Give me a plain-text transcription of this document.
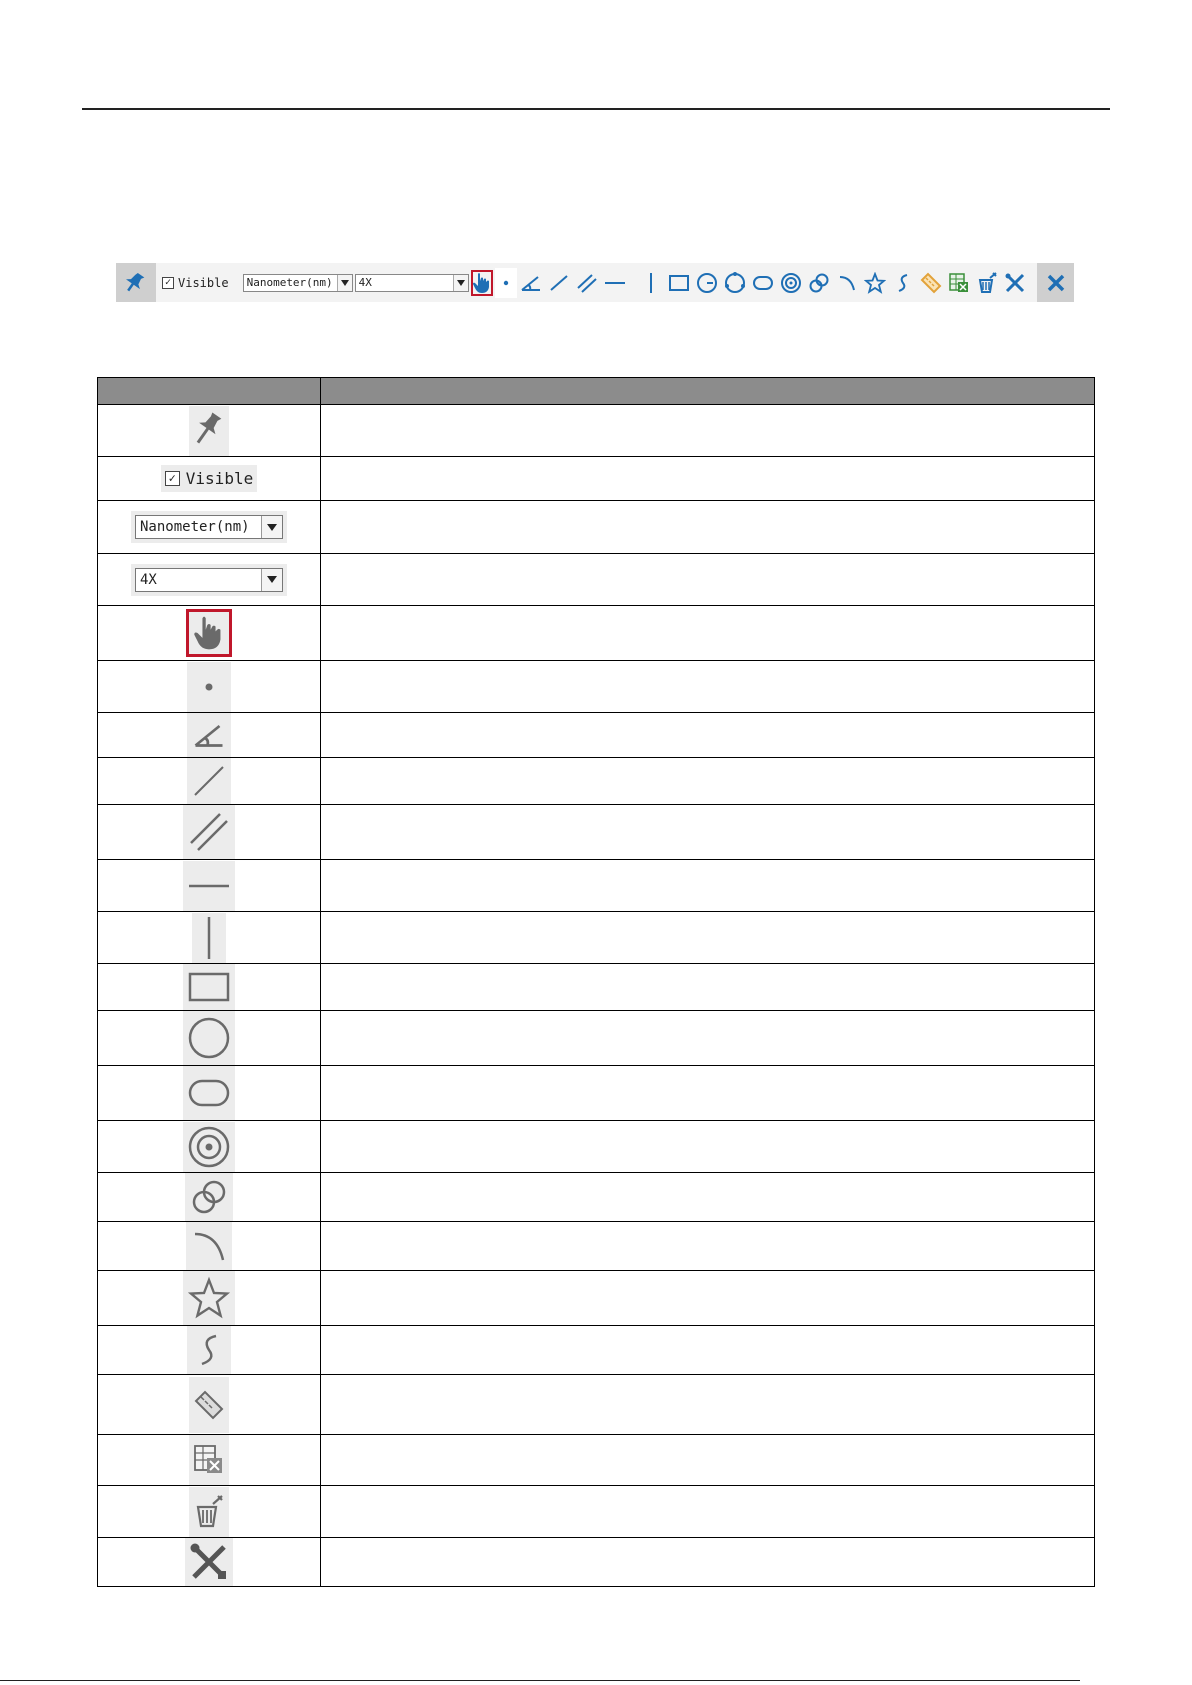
✓ Visible Nanometer(nm) 4X

✓ Visible	

Nanometer(nm)	

4X	
